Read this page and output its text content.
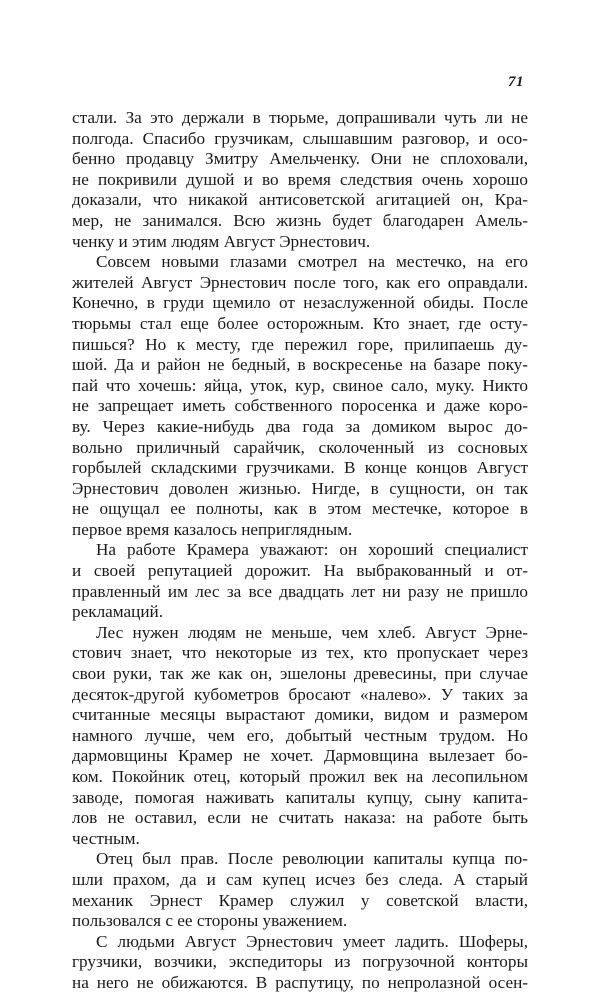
71
стали. За это держали в тюрьме, допрашивали чуть ли не
полгода. Спасибо грузчикам, слышавшим разговор, и осо-
бенно продавцу Змитру Амельченку. Они не сплоховали,
не покривили душой и во время следствия очень хорошо
доказали, что никакой антисоветской агитацией он, Кра-
мер, не занимался. Всю жизнь будет благодарен Амель-
ченку и этим людям Август Эрнестович.
Совсем новыми глазами смотрел на местечко, на его
жителей Август Эрнестович после того, как его оправдали.
Конечно, в груди щемило от незаслуженной обиды. После
тюрьмы стал еще более осторожным. Кто знает, где осту-
пишься? Но к месту, где пережил горе, прилипаешь ду-
шой. Да и район не бедный, в воскресенье на базаре поку-
пай что хочешь: яйца, уток, кур, свиное сало, муку. Никто
не запрещает иметь собственного поросенка и даже коро-
ву. Через какие-нибудь два года за домиком вырос до-
вольно приличный сарайчик, сколоченный из сосновых
горбылей складскими грузчиками. В конце концов Август
Эрнестович доволен жизнью. Нигде, в сущности, он так
не ощущал ее полноты, как в этом местечке, которое в
первое время казалось неприглядным.
На работе Крамера уважают: он хороший специалист
и своей репутацией дорожит. На выбракованный и от-
правленный им лес за все двадцать лет ни разу не пришло
рекламаций.
Лес нужен людям не меньше, чем хлеб. Август Эрне-
стович знает, что некоторые из тех, кто пропускает через
свои руки, так же как он, эшелоны древесины, при случае
десяток-другой кубометров бросают «налево». У таких за
считанные месяцы вырастают домики, видом и размером
намного лучше, чем его, добытый честным трудом. Но
дармовщины Крамер не хочет. Дармовщина вылезает бо-
ком. Покойник отец, который прожил век на лесопильном
заводе, помогая наживать капиталы купцу, сыну капита-
лов не оставил, если не считать наказа: на работе быть
честным.
Отец был прав. После революции капиталы купца по-
шли прахом, да и сам купец исчез без следа. А старый
механик Эрнест Крамер служил у советской власти,
пользовался с ее стороны уважением.
С людьми Август Эрнестович умеет ладить. Шоферы,
грузчики, возчики, экспедиторы из погрузочной конторы
на него не обижаются. В распутицу, по непролазной осен-
